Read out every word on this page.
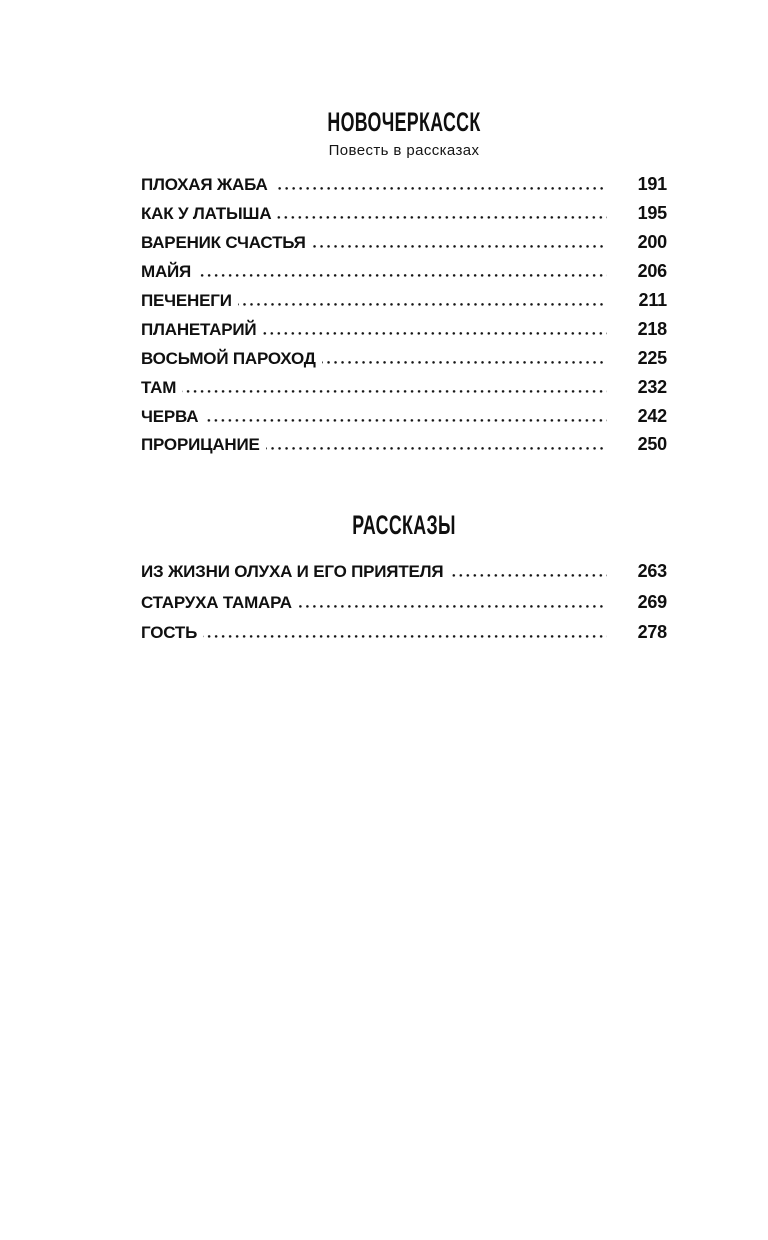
НОВОЧЕРКАССК
Повесть в рассказах
ПЛОХАЯ ЖАБА	191
КАК У ЛАТЫША	195
ВАРЕНИК СЧАСТЬЯ	200
МАЙЯ	206
ПЕЧЕНЕГИ	211
ПЛАНЕТАРИЙ	218
ВОСЬМОЙ ПАРОХОД	225
ТАМ	232
ЧЕРВА	242
ПРОРИЦАНИЕ	250
РАССКАЗЫ
ИЗ ЖИЗНИ ОЛУХА И ЕГО ПРИЯТЕЛЯ	263
СТАРУХА ТАМАРА	269
ГОСТЬ	278
